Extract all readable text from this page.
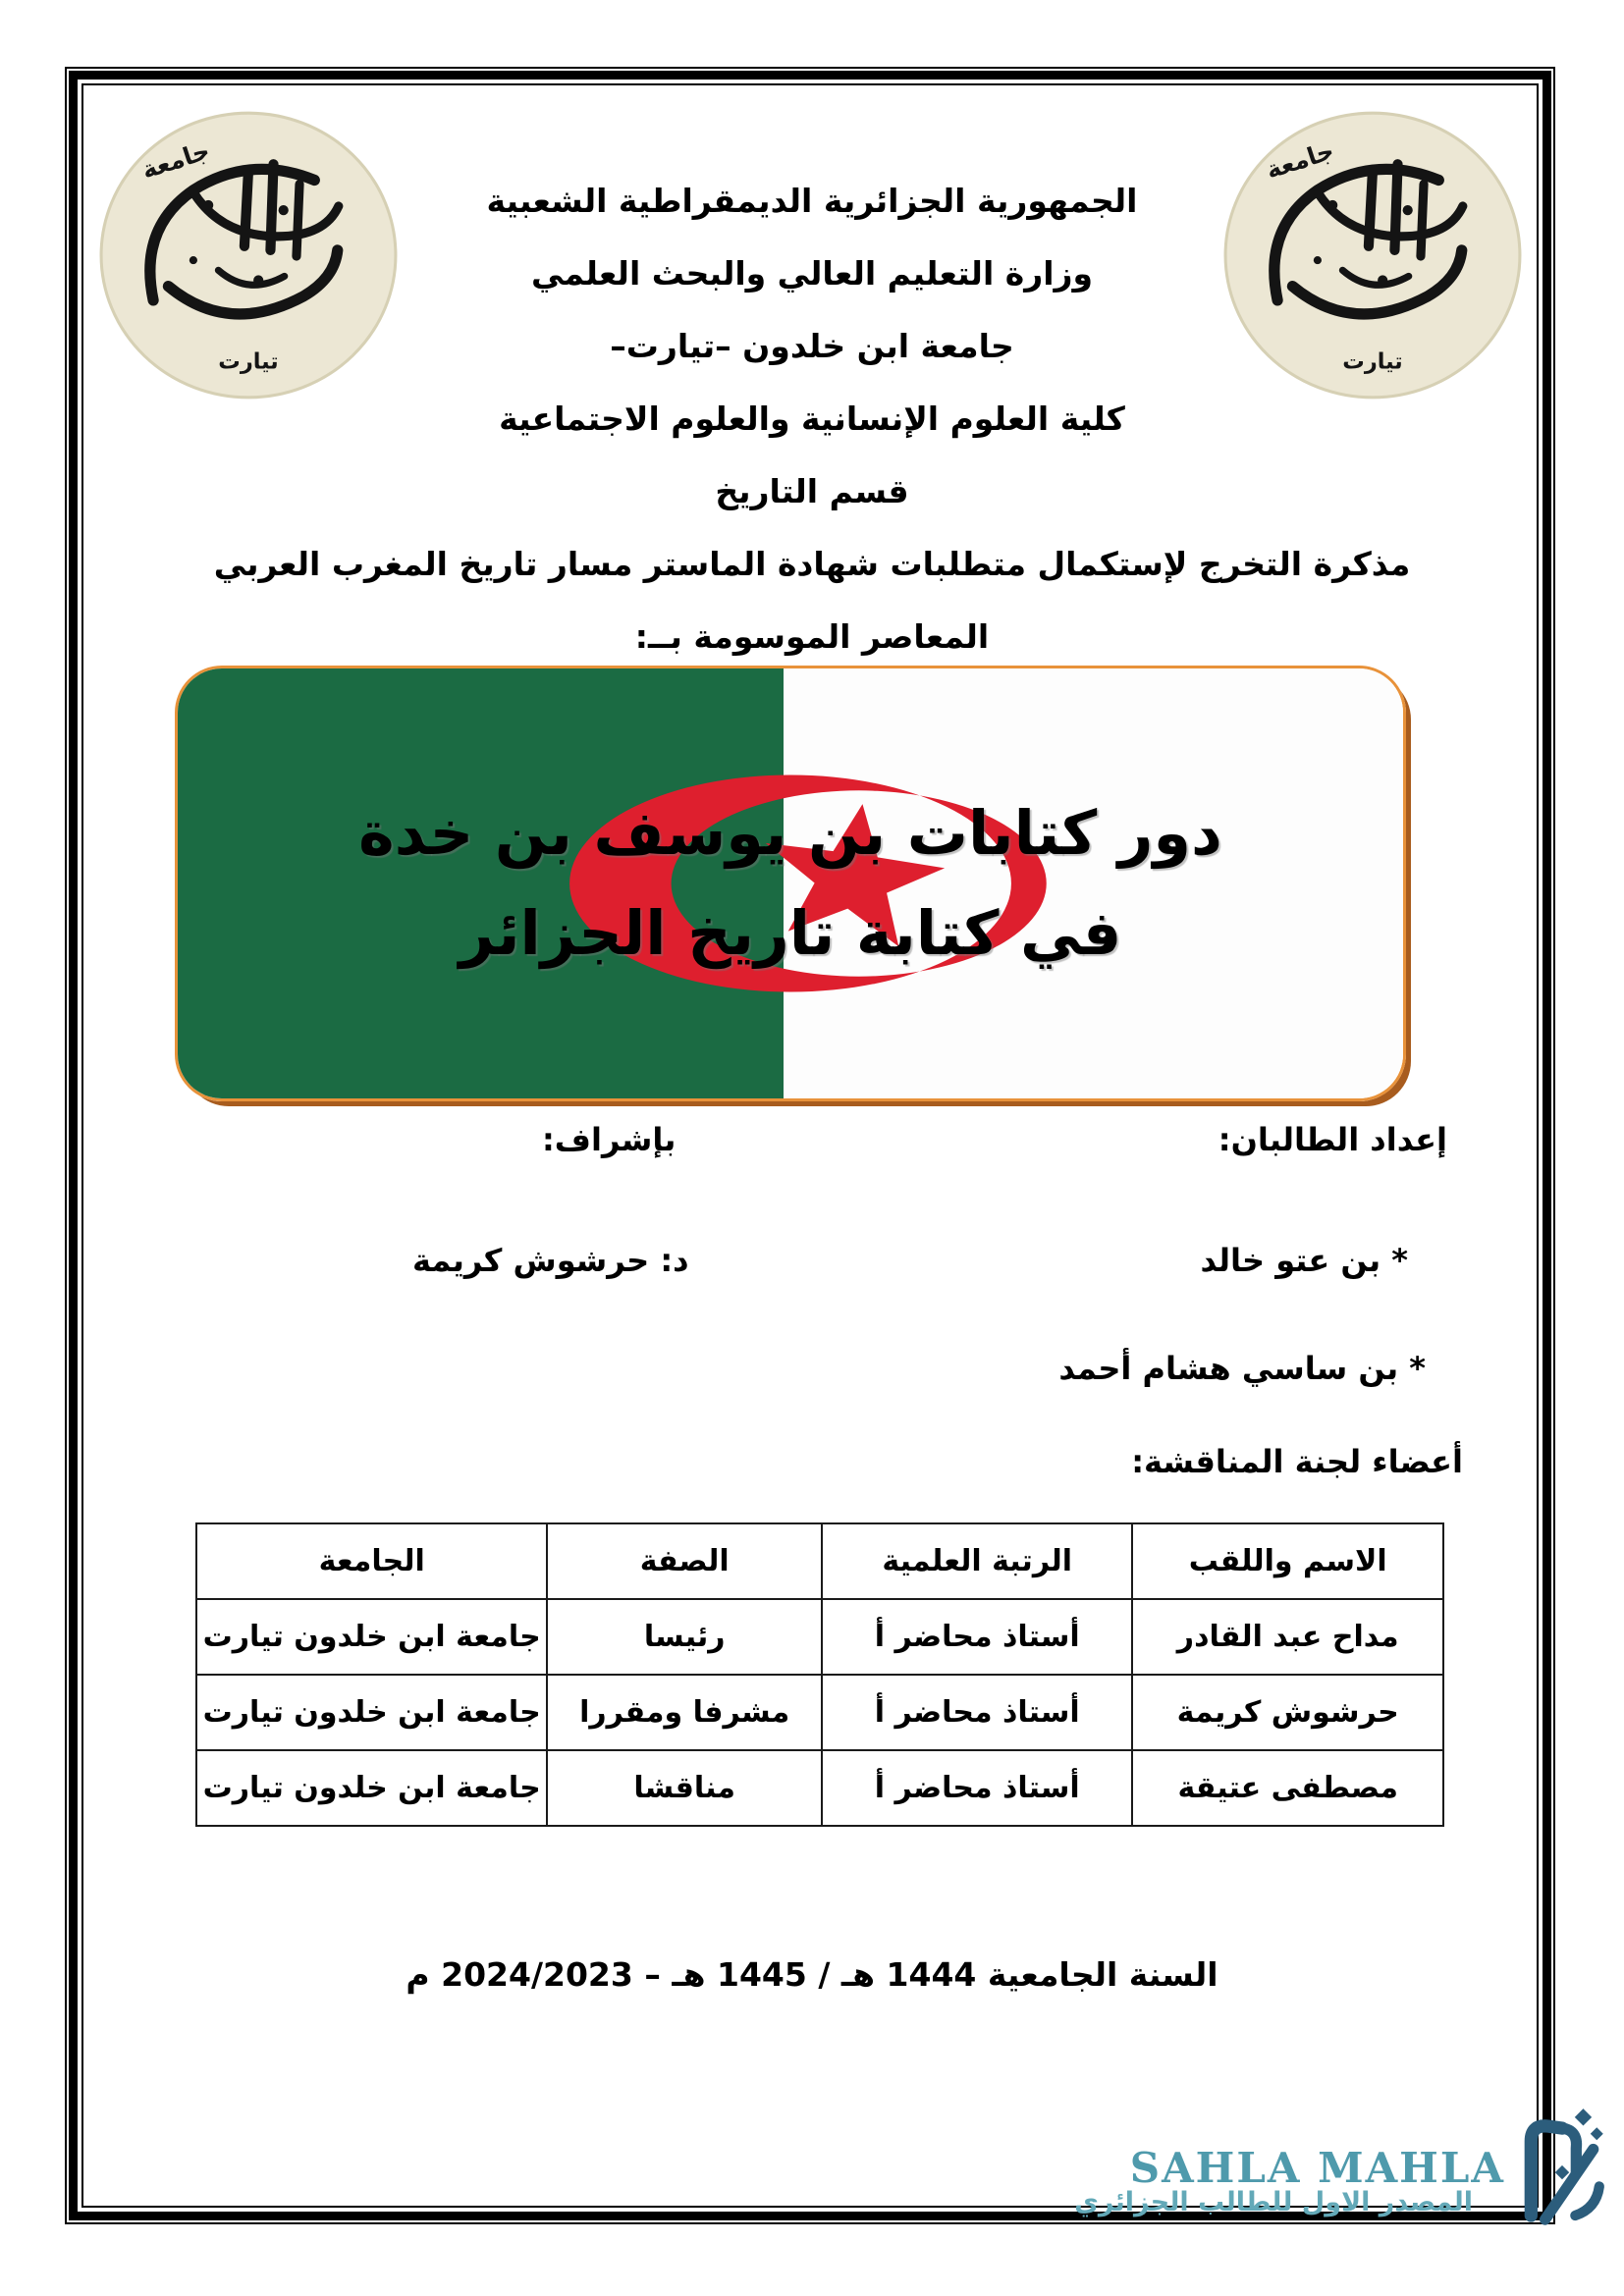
جامعة
تيارت
جامعة
تيارت
الجمهورية الجزائرية الديمقراطية الشعبية
وزارة التعليم العالي والبحث العلمي
جامعة ابن خلدون –تيارت–
كلية العلوم الإنسانية والعلوم الاجتماعية
قسم التاريخ
مذكرة التخرج لإستكمال متطلبات شهادة الماستر مسار تاريخ المغرب العربي
المعاصر الموسومة بــ:
دور كتابات بن يوسف بن خدة
في كتابة تاريخ الجزائر
إعداد الطالبان:
بإشراف:
* بن عتو خالد
د: حرشوش كريمة
* بن ساسي هشام أحمد
أعضاء لجنة المناقشة:
الاسم واللقب	الرتبة العلمية	الصفة	الجامعة
مداح عبد القادر	أستاذ محاضر أ	رئيسا	جامعة ابن خلدون تيارت
حرشوش كريمة	أستاذ محاضر أ	مشرفا ومقررا	جامعة ابن خلدون تيارت
مصطفى عتيقة	أستاذ محاضر أ	مناقشا	جامعة ابن خلدون تيارت
السنة الجامعية 1444 هـ / 1445 هـ – 2024/2023 م
SAHLA MAHLA
المصدر الاول للطالب الجزائري
